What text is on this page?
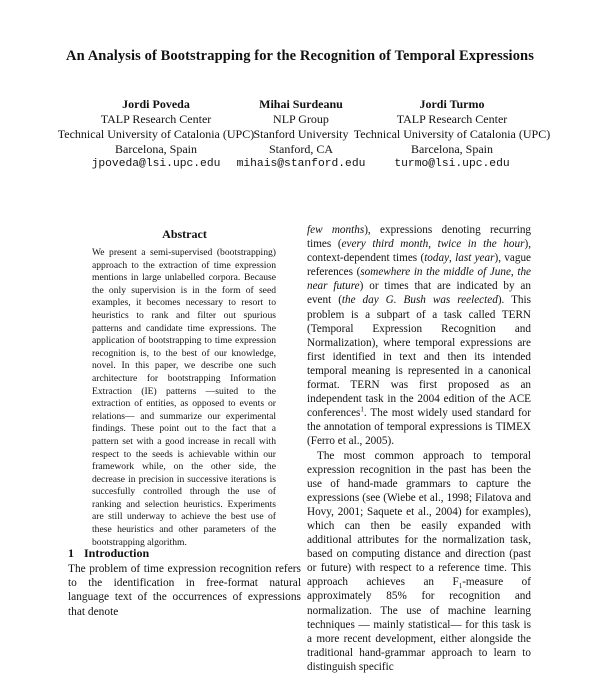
An Analysis of Bootstrapping for the Recognition of Temporal Expressions
Jordi Poveda
TALP Research Center
Technical University of Catalonia (UPC)
Barcelona, Spain
jpoveda@lsi.upc.edu
Mihai Surdeanu
NLP Group
Stanford University
Stanford, CA
mihais@stanford.edu
Jordi Turmo
TALP Research Center
Technical University of Catalonia (UPC)
Barcelona, Spain
turmo@lsi.upc.edu
Abstract

We present a semi-supervised (bootstrapping) approach to the extraction of time expression mentions in large unlabelled corpora. Because the only supervision is in the form of seed examples, it becomes necessary to resort to heuristics to rank and filter out spurious patterns and candidate time expressions. The application of bootstrapping to time expression recognition is, to the best of our knowledge, novel. In this paper, we describe one such architecture for bootstrapping Information Extraction (IE) patterns —suited to the extraction of entities, as opposed to events or relations— and summarize our experimental findings. These point out to the fact that a pattern set with a good increase in recall with respect to the seeds is achievable within our framework while, on the other side, the decrease in precision in successive iterations is succesfully controlled through the use of ranking and selection heuristics. Experiments are still underway to achieve the best use of these heuristics and other parameters of the bootstrapping algorithm.

1 Introduction

The problem of time expression recognition refers to the identification in free-format natural language text of the occurrences of expressions that denote

few months), expressions denoting recurring times (every third month, twice in the hour), context-dependent times (today, last year), vague references (somewhere in the middle of June, the near future) or times that are indicated by an event (the day G. Bush was reelected). This problem is a subpart of a task called TERN (Temporal Expression Recognition and Normalization), where temporal expressions are first identified in text and then its intended temporal meaning is represented in a canonical format. TERN was first proposed as an independent task in the 2004 edition of the ACE conferences$^1$. The most widely used standard for the annotation of temporal expressions is TIMEX (Ferro et al., 2005).

The most common approach to temporal expression recognition in the past has been the use of hand-made grammars to capture the expressions (see (Wiebe et al., 1998; Filatova and Hovy, 2001; Saquete et al., 2004) for examples), which can then be easily expanded with additional attributes for the normalization task, based on computing distance and direction (past or future) with respect to a reference time. This approach achieves an $F_1$-measure of approximately 85% for recognition and normalization. The use of machine learning techniques — mainly statistical— for this task is a more recent development, either alongside the traditional hand-grammar approach to learn to distinguish specific
